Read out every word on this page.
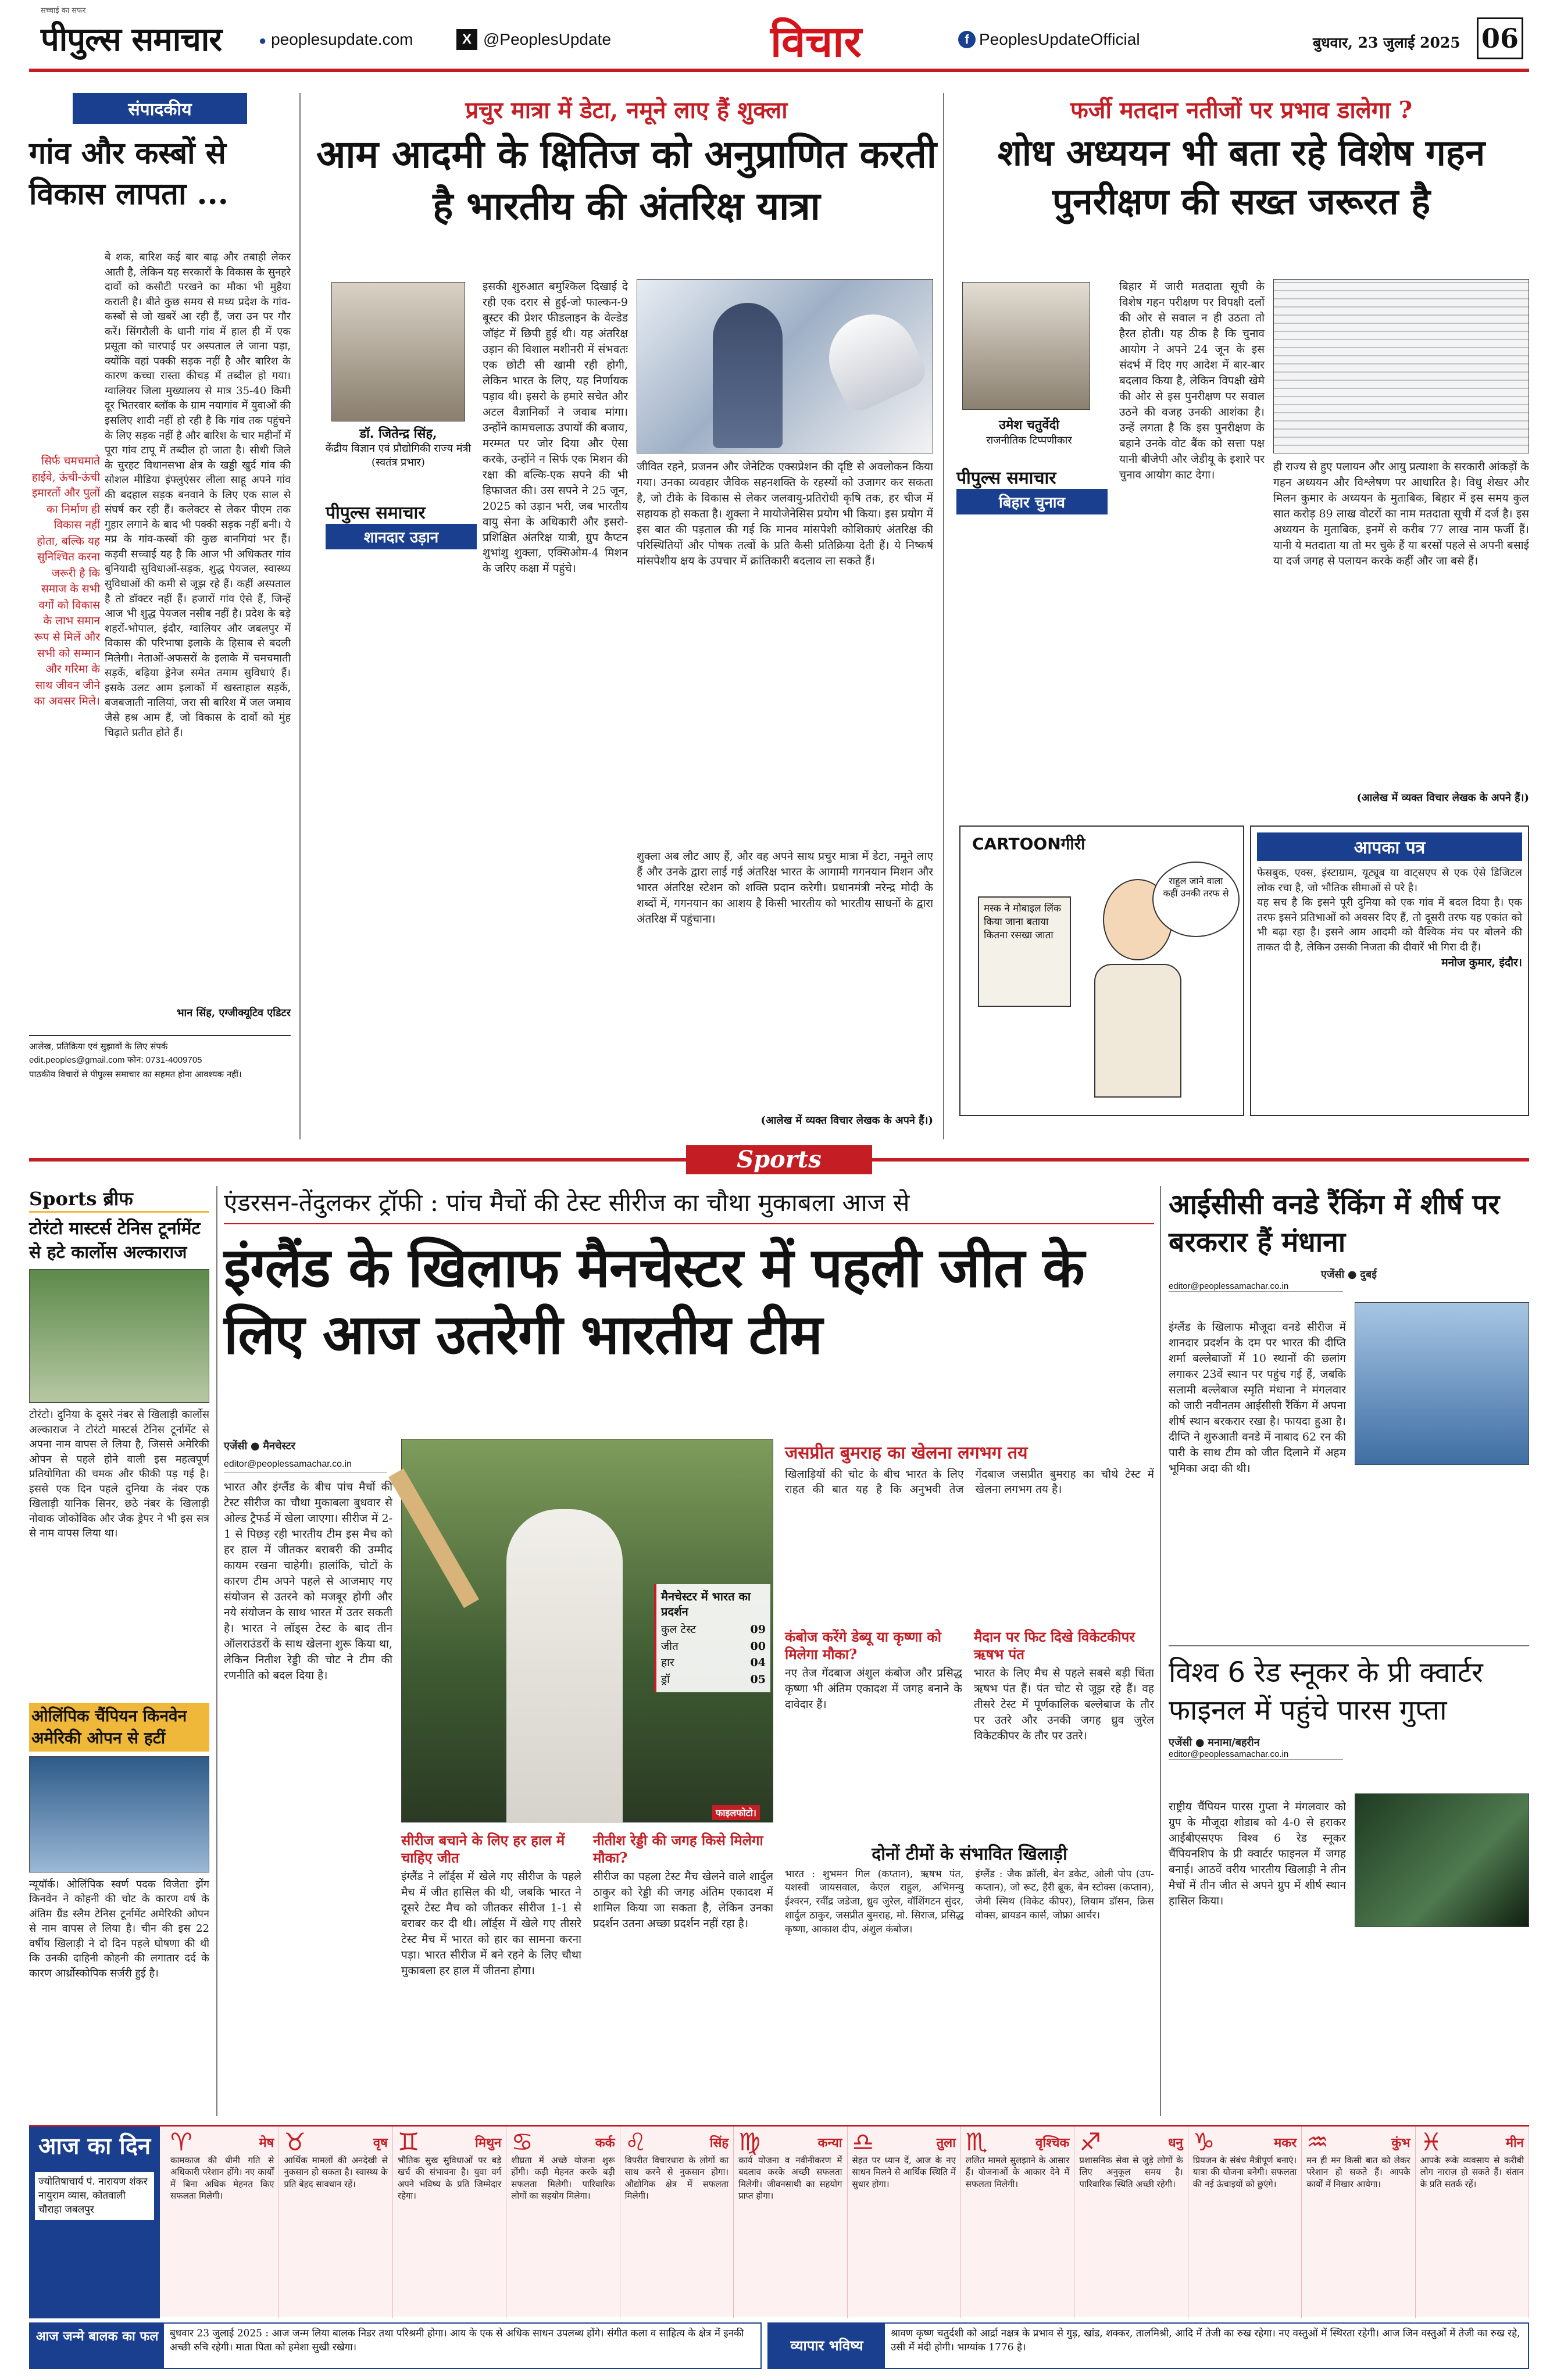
सच्चाई का सफर
पीपुल्स समाचार	● peoplesupdate.com	X @PeoplesUpdate	विचार	f PeoplesUpdateOfficial	बुधवार, 23 जुलाई 2025 06
संपादकीय
गांव और कस्बों से विकास लापता ...
बे शक, बारिश कई बार बाढ़ और तबाही लेकर आती है, लेकिन यह सरकारों के विकास के सुनहरे दावों को कसौटी परखने का मौका भी मुहैया कराती है। बीते कुछ समय से मध्य प्रदेश के गांव-कस्बों से जो खबरें आ रही हैं, जरा उन पर गौर करें। सिंगरौली के धानी गांव में हाल ही में एक प्रसूता को चारपाई पर अस्पताल ले जाना पड़ा, क्योंकि वहां पक्की सड़क नहीं है और बारिश के कारण कच्चा रास्ता कीचड़ में तब्दील हो गया। ग्वालियर जिला मुख्यालय से मात्र 35-40 किमी दूर भितरवार ब्लॉक के ग्राम नयागांव में युवाओं की इसलिए शादी नहीं हो रही है कि गांव तक पहुंचने के लिए सड़क नहीं है और बारिश के चार महीनों में पूरा गांव टापू में तब्दील हो जाता है। सीधी जिले के चुरहट विधानसभा क्षेत्र के खड्डी खुर्द गांव की सोशल मीडिया इंफ्लुएंसर लीला साहू अपने गांव की बदहाल सड़क बनवाने के लिए एक साल से संघर्ष कर रही हैं। कलेक्टर से लेकर पीएम तक गुहार लगाने के बाद भी पक्की सड़क नहीं बनी। ये मप्र के गांव-कस्बों की कुछ बानगियां भर हैं। कड़वी सच्चाई यह है कि आज भी अधिकतर गांव बुनियादी सुविधाओं-सड़क, शुद्ध पेयजल, स्वास्थ्य सुविधाओं की कमी से जूझ रहे हैं। कहीं अस्पताल है तो डॉक्टर नहीं हैं। हजारों गांव ऐसे हैं, जिन्हें आज भी शुद्ध पेयजल नसीब नहीं है। प्रदेश के बड़े शहरों-भोपाल, इंदौर, ग्वालियर और जबलपुर में विकास की परिभाषा इलाके के हिसाब से बदली मिलेगी। नेताओं-अफसरों के इलाके में चमचमाती सड़कें, बढ़िया ड्रेनेज समेत तमाम सुविधाएं हैं। इसके उलट आम इलाकों में खस्ताहाल सड़कें, बजबजाती नालियां, जरा सी बारिश में जल जमाव जैसे हश्र आम हैं, जो विकास के दावों को मुंह चिढ़ाते प्रतीत होते हैं।
सिर्फ चमचमाते हाईवे, ऊंची-ऊंची इमारतों और पुलों का निर्माण ही विकास नहीं होता, बल्कि यह सुनिश्चित करना जरूरी है कि समाज के सभी वर्गों को विकास के लाभ समान रूप से मिलें और सभी को सम्मान और गरिमा के साथ जीवन जीने का अवसर मिले।
भान सिंह, एग्जीक्यूटिव एडिटर
आलेख, प्रतिक्रिया एवं सुझावों के लिए संपर्क
edit.peoples@gmail.com फोन: 0731-4009705
पाठकीय विचारों से पीपुल्स समाचार का सहमत होना आवश्यक नहीं।
प्रचुर मात्रा में डेटा, नमूने लाए हैं शुक्ला
आम आदमी के क्षितिज को अनुप्राणित करती है भारतीय की अंतरिक्ष यात्रा
डॉ. जितेन्द्र सिंह,
केंद्रीय विज्ञान एवं प्रौद्योगिकी राज्य मंत्री (स्वतंत्र प्रभार)
पीपुल्स समाचार
शानदार उड़ान
इसकी शुरुआत बमुश्किल दिखाई दे रही एक दरार से हुई-जो फाल्कन-9 बूस्टर की प्रेशर फीडलाइन के वेल्डेड जॉइंट में छिपी हुई थी। यह अंतरिक्ष उड़ान की विशाल मशीनरी में संभवतः एक छोटी सी खामी रही होगी, लेकिन भारत के लिए, यह निर्णायक पड़ाव थी। इसरो के हमारे सचेत और अटल वैज्ञानिकों ने जवाब मांगा। उन्होंने कामचलाऊ उपायों की बजाय, मरम्मत पर जोर दिया और ऐसा करके, उन्होंने न सिर्फ एक मिशन की रक्षा की बल्कि-एक सपने की भी हिफाजत की। उस सपने ने 25 जून, 2025 को उड़ान भरी, जब भारतीय वायु सेना के अधिकारी और इसरो-प्रशिक्षित अंतरिक्ष यात्री, ग्रुप कैप्टन शुभांशु शुक्ला, एक्सिओम-4 मिशन के जरिए कक्षा में पहुंचे।
जीवित रहने, प्रजनन और जेनेटिक एक्सप्रेशन की दृष्टि से अवलोकन किया गया। उनका व्यवहार जैविक सहनशक्ति के रहस्यों को उजागर कर सकता है, जो टीके के विकास से लेकर जलवायु-प्रतिरोधी कृषि तक, हर चीज में सहायक हो सकता है। शुक्ला ने मायोजेनेसिस प्रयोग भी किया। इस प्रयोग में इस बात की पड़ताल की गई कि मानव मांसपेशी कोशिकाएं अंतरिक्ष की परिस्थितियों और पोषक तत्वों के प्रति कैसी प्रतिक्रिया देती हैं। ये निष्कर्ष मांसपेशीय क्षय के उपचार में क्रांतिकारी बदलाव ला सकते हैं।
शुक्ला अब लौट आए हैं, और वह अपने साथ प्रचुर मात्रा में डेटा, नमूने लाए हैं और उनके द्वारा लाई गई अंतरिक्ष भारत के आगामी गगनयान मिशन और भारत अंतरिक्ष स्टेशन को शक्ति प्रदान करेगी। प्रधानमंत्री नरेन्द्र मोदी के शब्दों में, गगनयान का आशय है किसी भारतीय को भारतीय साधनों के द्वारा अंतरिक्ष में पहुंचाना।
(आलेख में व्यक्त विचार लेखक के अपने हैं।)
फर्जी मतदान नतीजों पर प्रभाव डालेगा ?
शोध अध्ययन भी बता रहे विशेष गहन पुनरीक्षण की सख्त जरूरत है
उमेश चतुर्वेदी
राजनीतिक टिप्पणीकार
पीपुल्स समाचार
बिहार चुनाव
बिहार में जारी मतदाता सूची के विशेष गहन परीक्षण पर विपक्षी दलों की ओर से सवाल न ही उठता तो हैरत होती। यह ठीक है कि चुनाव आयोग ने अपने 24 जून के इस संदर्भ में दिए गए आदेश में बार-बार बदलाव किया है, लेकिन विपक्षी खेमे की ओर से इस पुनरीक्षण पर सवाल उठने की वजह उनकी आशंका है। उन्हें लगता है कि इस पुनरीक्षण के बहाने उनके वोट बैंक को सत्ता पक्ष यानी बीजेपी और जेडीयू के इशारे पर चुनाव आयोग काट देगा।
ही राज्य से हुए पलायन और आयु प्रत्याशा के सरकारी आंकड़ों के गहन अध्ययन और विश्लेषण पर आधारित है। विधु शेखर और मिलन कुमार के अध्ययन के मुताबिक, बिहार में इस समय कुल सात करोड़ 89 लाख वोटरों का नाम मतदाता सूची में दर्ज है। इस अध्ययन के मुताबिक, इनमें से करीब 77 लाख नाम फर्जी हैं। यानी ये मतदाता या तो मर चुके हैं या बरसों पहले से अपनी बसाई या दर्ज जगह से पलायन करके कहीं और जा बसे हैं।
(आलेख में व्यक्त विचार लेखक के अपने हैं।)
CARTOONगीरी
मस्क ने मोबाइल लिंक किया जाना बताया कितना रसखा जाता
राहुल जाने वाला कहीं उनकी तरफ से
आपका पत्र
फेसबुक, एक्स, इंस्टाग्राम, यूट्यूब या वाट्सएप से एक ऐसे डिजिटल लोक रचा है, जो भौतिक सीमाओं से परे है।
यह सच है कि इसने पूरी दुनिया को एक गांव में बदल दिया है। एक तरफ इसने प्रतिभाओं को अवसर दिए हैं, तो दूसरी तरफ यह एकांत को भी बढ़ा रहा है। इसने आम आदमी को वैश्विक मंच पर बोलने की ताकत दी है, लेकिन उसकी निजता की दीवारें भी गिरा दी हैं।
मनोज कुमार, इंदौर।
Sports
Sports ब्रीफ
टोरंटो मास्टर्स टेनिस टूर्नामेंट से हटे कार्लोस अल्काराज
टोरंटो। दुनिया के दूसरे नंबर से खिलाड़ी कार्लोस अल्काराज ने टोरंटो मास्टर्स टेनिस टूर्नामेंट से अपना नाम वापस ले लिया है, जिससे अमेरिकी ओपन से पहले होने वाली इस महत्वपूर्ण प्रतियोगिता की चमक और फीकी पड़ गई है। इससे एक दिन पहले दुनिया के नंबर एक खिलाड़ी यानिक सिनर, छठे नंबर के खिलाड़ी नोवाक जोकोविक और जैक ड्रेपर ने भी इस सत्र से नाम वापस लिया था।
ओलिंपिक चैंपियन किनवेन अमेरिकी ओपन से हटीं
न्यूयॉर्क। ओलिंपिक स्वर्ण पदक विजेता झेंग किनवेन ने कोहनी की चोट के कारण वर्ष के अंतिम ग्रैंड स्लैम टेनिस टूर्नामेंट अमेरिकी ओपन से नाम वापस ले लिया है। चीन की इस 22 वर्षीय खिलाड़ी ने दो दिन पहले घोषणा की थी कि उनकी दाहिनी कोहनी की लगातार दर्द के कारण आर्थ्रोस्कोपिक सर्जरी हुई है।
एंडरसन-तेंदुलकर ट्रॉफी : पांच मैचों की टेस्ट सीरीज का चौथा मुकाबला आज से
इंग्लैंड के खिलाफ मैनचेस्टर में पहली जीत के लिए आज उतरेगी भारतीय टीम
एजेंसी ● मैनचेस्टर
editor@peoplessamachar.co.in
भारत और इंग्लैंड के बीच पांच मैचों की टेस्ट सीरीज का चौथा मुकाबला बुधवार से ओल्ड ट्रैफर्ड में खेला जाएगा। सीरीज में 2-1 से पिछड़ रही भारतीय टीम इस मैच को हर हाल में जीतकर बराबरी की उम्मीद कायम रखना चाहेगी। हालांकि, चोटों के कारण टीम अपने पहले से आजमाए गए संयोजन से उतरने को मजबूर होगी और नये संयोजन के साथ भारत में उतर सकती है। भारत ने लॉड्स टेस्ट के बाद तीन ऑलराउंडरों के साथ खेलना शुरू किया था, लेकिन नितीश रेड्डी की चोट ने टीम की रणनीति को बदल दिया है।
मैनचेस्टर में भारत का प्रदर्शन
कुल टेस्ट	09
जीत	00
हार	04
ड्रॉ	05
फाइलफोटो।
सीरीज बचाने के लिए हर हाल में चाहिए जीत
इंग्लैंड ने लॉर्ड्स में खेले गए सीरीज के पहले मैच में जीत हासिल की थी, जबकि भारत ने दूसरे टेस्ट मैच को जीतकर सीरीज 1-1 से बराबर कर दी थी। लॉर्ड्स में खेले गए तीसरे टेस्ट मैच में भारत को हार का सामना करना पड़ा। भारत सीरीज में बने रहने के लिए चौथा मुकाबला हर हाल में जीतना होगा।
नीतीश रेड्डी की जगह किसे मिलेगा मौका?
सीरीज का पहला टेस्ट मैच खेलने वाले शार्दुल ठाकुर को रेड्डी की जगह अंतिम एकादश में शामिल किया जा सकता है, लेकिन उनका प्रदर्शन उतना अच्छा प्रदर्शन नहीं रहा है।
जसप्रीत बुमराह का खेलना लगभग तय
खिलाड़ियों की चोट के बीच भारत के लिए राहत की बात यह है कि अनुभवी तेज गेंदबाज जसप्रीत बुमराह का चौथे टेस्ट में खेलना लगभग तय है।
कंबोज करेंगे डेब्यू या कृष्णा को मिलेगा मौका?
नए तेज गेंदबाज अंशुल कंबोज और प्रसिद्ध कृष्णा भी अंतिम एकादश में जगह बनाने के दावेदार हैं।
मैदान पर फिट दिखे विकेटकीपर ऋषभ पंत
भारत के लिए मैच से पहले सबसे बड़ी चिंता ऋषभ पंत हैं। पंत चोट से जूझ रहे हैं। वह तीसरे टेस्ट में पूर्णकालिक बल्लेबाज के तौर पर उतरे और उनकी जगह ध्रुव जुरेल विकेटकीपर के तौर पर उतरे।
दोनों टीमों के संभावित खिलाड़ी
भारत : शुभमन गिल (कप्तान), ऋषभ पंत, यशस्वी जायसवाल, केएल राहुल, अभिमन्यु ईश्वरन, रवींद्र जडेजा, ध्रुव जुरेल, वॉशिंगटन सुंदर, शार्दुल ठाकुर, जसप्रीत बुमराह, मो. सिराज, प्रसिद्ध कृष्णा, आकाश दीप, अंशुल कंबोज।
इंग्लैंड : जैक क्रॉली, बेन डकेट, ओली पोप (उप-कप्तान), जो रूट, हैरी ब्रूक, बेन स्टोक्स (कप्तान), जेमी स्मिथ (विकेट कीपर), लियाम डॉसन, क्रिस वोक्स, ब्रायडन कार्स, जोफ्रा आर्चर।
आईसीसी वनडे रैंकिंग में शीर्ष पर बरकरार हैं मंधाना
एजेंसी ● दुबई
editor@peoplessamachar.co.in
इंग्लैंड के खिलाफ मौजूदा वनडे सीरीज में शानदार प्रदर्शन के दम पर भारत की दीप्ति शर्मा बल्लेबाजों में 10 स्थानों की छलांग लगाकर 23वें स्थान पर पहुंच गई हैं, जबकि सलामी बल्लेबाज स्मृति मंधाना ने मंगलवार को जारी नवीनतम आईसीसी रैंकिंग में अपना शीर्ष स्थान बरकरार रखा है। फायदा हुआ है। दीप्ति ने शुरुआती वनडे में नाबाद 62 रन की पारी के साथ टीम को जीत दिलाने में अहम भूमिका अदा की थी।
विश्व 6 रेड स्नूकर के प्री क्वार्टर फाइनल में पहुंचे पारस गुप्ता
एजेंसी ● मनामा/बहरीन
editor@peoplessamachar.co.in
राष्ट्रीय चैंपियन पारस गुप्ता ने मंगलवार को ग्रुप के मौजूदा शोडाब को 4-0 से हराकर आईबीएसएफ विश्व 6 रेड स्नूकर चैंपियनशिप के प्री क्वार्टर फाइनल में जगह बनाई। आठवें वरीय भारतीय खिलाड़ी ने तीन मैचों में तीन जीत से अपने ग्रुप में शीर्ष स्थान हासिल किया।
आज का दिन
ज्योतिषाचार्य पं. नारायण शंकर नायुराम व्यास, कोतवाली चौराहा जबलपुर
♈	मेष
कामकाज की धीमी गति से अधिकारी परेशान होंगे। नए कार्यों में बिना अधिक मेहनत किए सफलता मिलेगी।
♉	वृष
आर्थिक मामलों की अनदेखी से नुकसान हो सकता है। स्वास्थ्य के प्रति बेहद सावधान रहें।
♊	मिथुन
भौतिक सुख सुविधाओं पर बड़े खर्च की संभावना है। युवा वर्ग अपने भविष्य के प्रति जिम्मेदार रहेगा।
♋	कर्क
शीघ्रता में अच्छे योजना शुरू होंगी। कड़ी मेहनत करके बड़ी सफलता मिलेगी। पारिवारिक लोगों का सहयोग मिलेगा।
♌	सिंह
विपरीत विचारधारा के लोगों का साथ करने से नुकसान होगा। औद्योगिक क्षेत्र में सफलता मिलेगी।
♍	कन्या
कार्य योजना व नवीनीकरण में बदलाव करके अच्छी सफलता मिलेगी। जीवनसाथी का सहयोग प्राप्त होगा।
♎	तुला
सेहत पर ध्यान दें, आज के नए साधन मिलने से आर्थिक स्थिति में सुधार होगा।
♏	वृश्चिक
ललित मामले सुलझाने के आसार हैं। योजनाओं के आकार देने में सफलता मिलेगी।
♐	धनु
प्रशासनिक सेवा से जुड़े लोगों के लिए अनुकूल समय है। पारिवारिक स्थिति अच्छी रहेगी।
♑	मकर
प्रियजन के संबंध मैत्रीपूर्ण बनाएं। यात्रा की योजना बनेगी। सफलता की नई ऊंचाइयों को छुएंगे।
♒	कुंभ
मन ही मन किसी बात को लेकर परेशान हो सकते हैं। आपके कार्यों में निखार आयेगा।
♓	मीन
आपके रूके व्यवसाय से करीबी लोग नाराज़ हो सकते हैं। संतान के प्रति सतर्क रहें।
आज जन्मे बालक का फल	बुधवार 23 जुलाई 2025 : आज जन्म लिया बालक निडर तथा परिश्रमी होगा। आय के एक से अधिक साधन उपलब्ध होंगे। संगीत कला व साहित्य के क्षेत्र में इनकी अच्छी रुचि रहेगी। माता पिता को हमेशा सुखी रखेगा।	व्यापार भविष्य
श्रावण कृष्ण चतुर्दशी को आर्द्रा नक्षत्र के प्रभाव से गुड़, खांड, शक्कर, तालमिश्री, आदि में तेजी का रुख रहेगा। नए वस्तुओं में स्थिरता रहेगी। आज जिन वस्तुओं में तेजी का रुख रहे, उसी में मंदी होगी। भाग्यांक 1776 है।
